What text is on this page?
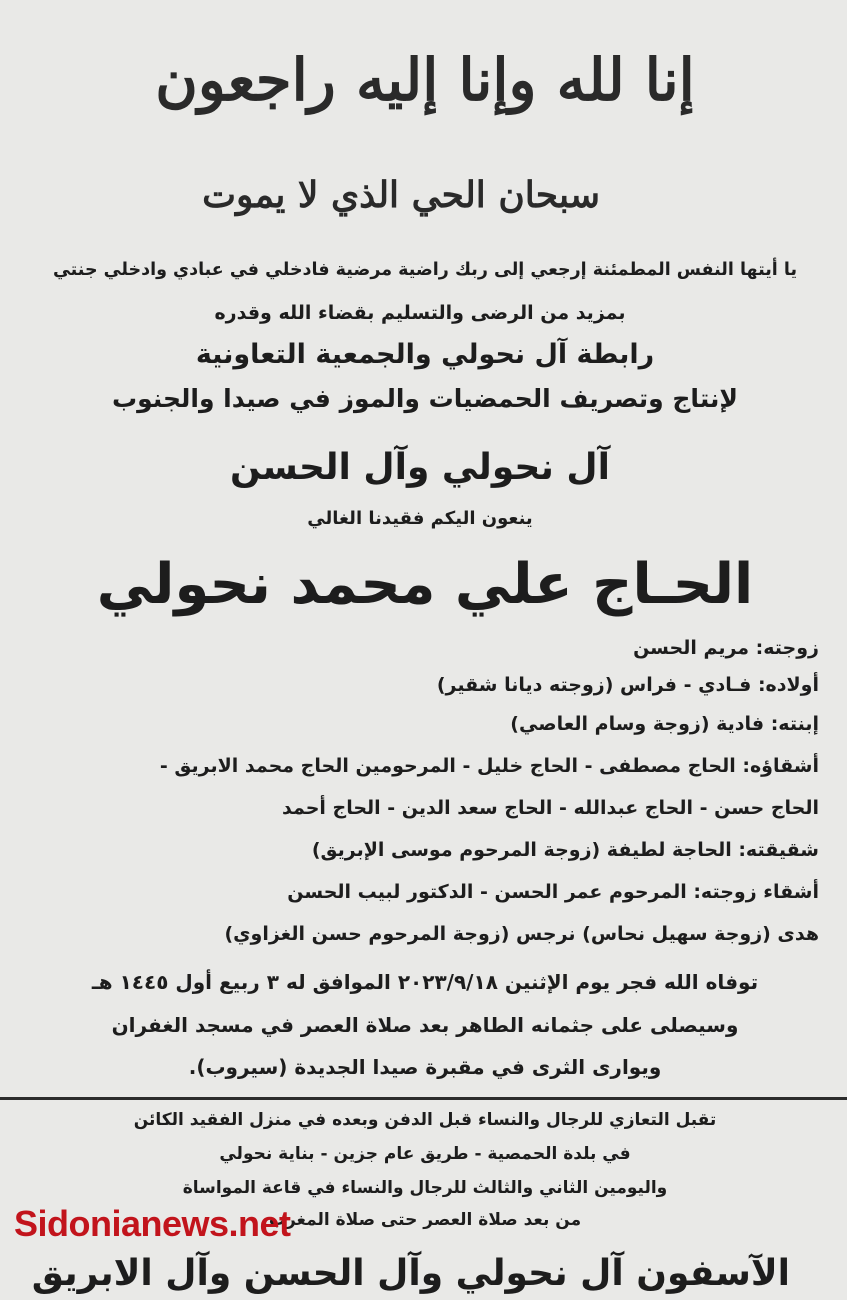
إنا لله وإنا إليه راجعون
سبحان الحي الذي لا يموت
يا أيتها النفس المطمئنة إرجعي إلى ربك راضية مرضية فادخلي في عبادي وادخلي جنتي
بمزيد من الرضى والتسليم بقضاء الله وقدره
رابطة آل نحولي والجمعية التعاونية
لإنتاج وتصريف الحمضيات والموز في صيدا والجنوب
آل نحولي وآل الحسن
ينعون اليكم فقيدنا الغالي
الحـاج علي محمد نحولي
زوجته: مريم الحسن
أولاده: فـادي - فراس (زوجته ديانا شقير)
إبنته: فادية (زوجة وسام العاصي)
أشقاؤه: الحاج مصطفى - الحاج خليل - المرحومين الحاج محمد الابريق -
الحاج حسن - الحاج عبدالله - الحاج سعد الدين - الحاج أحمد
شقيقته: الحاجة لطيفة (زوجة المرحوم موسى الإبريق)
أشقاء زوجته: المرحوم عمر الحسن - الدكتور لبيب الحسن
هدى (زوجة سهيل نحاس) نرجس (زوجة المرحوم حسن الغزاوي)
توفاه الله فجر يوم الإثنين ٢٠٢٣/٩/١٨ الموافق له ٣ ربيع أول ١٤٤٥ هـ
وسيصلى على جثمانه الطاهر بعد صلاة العصر في مسجد الغفران
ويوارى الثرى في مقبرة صيدا الجديدة (سيروب).
تقبل التعازي للرجال والنساء قبل الدفن وبعده في منزل الفقيد الكائن
في بلدة الحمصية - طريق عام جزين - بناية نحولي
واليومين الثاني والثالث للرجال والنساء في قاعة المواساة
من بعد صلاة العصر حتى صلاة المغرب
الآسفون آل نحولي وآل الحسن وآل الابريق
Sidonianews.net
